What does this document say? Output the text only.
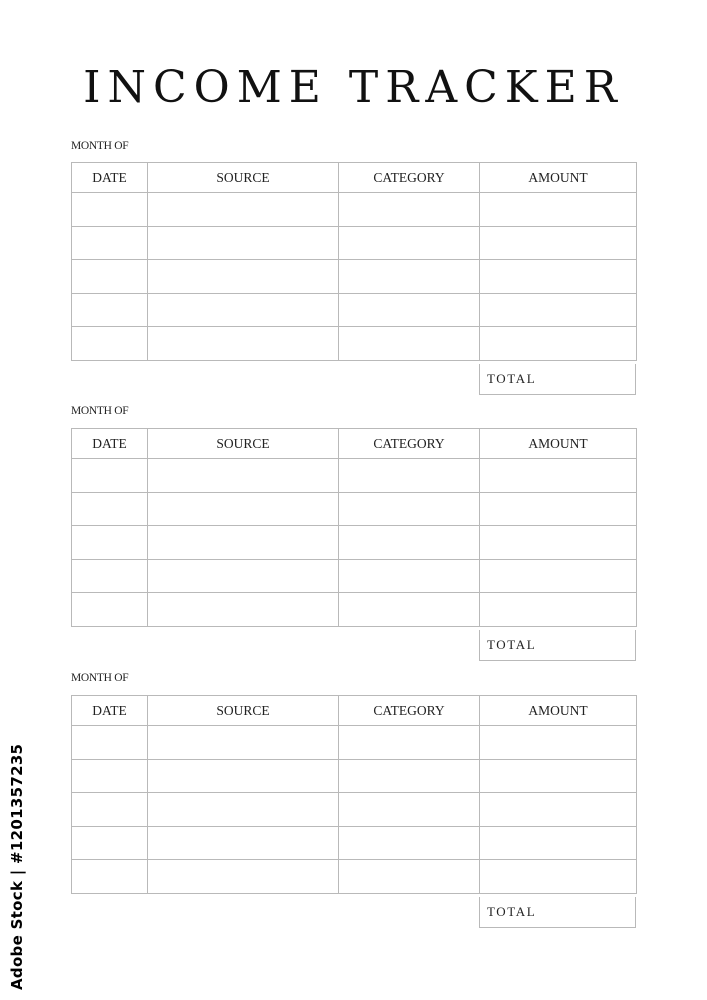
INCOME TRACKER
MONTH OF
DATE	SOURCE	CATEGORY	AMOUNT

TOTAL
MONTH OF
DATE	SOURCE	CATEGORY	AMOUNT

TOTAL
MONTH OF
DATE	SOURCE	CATEGORY	AMOUNT

TOTAL
Adobe Stock | #1201357235
